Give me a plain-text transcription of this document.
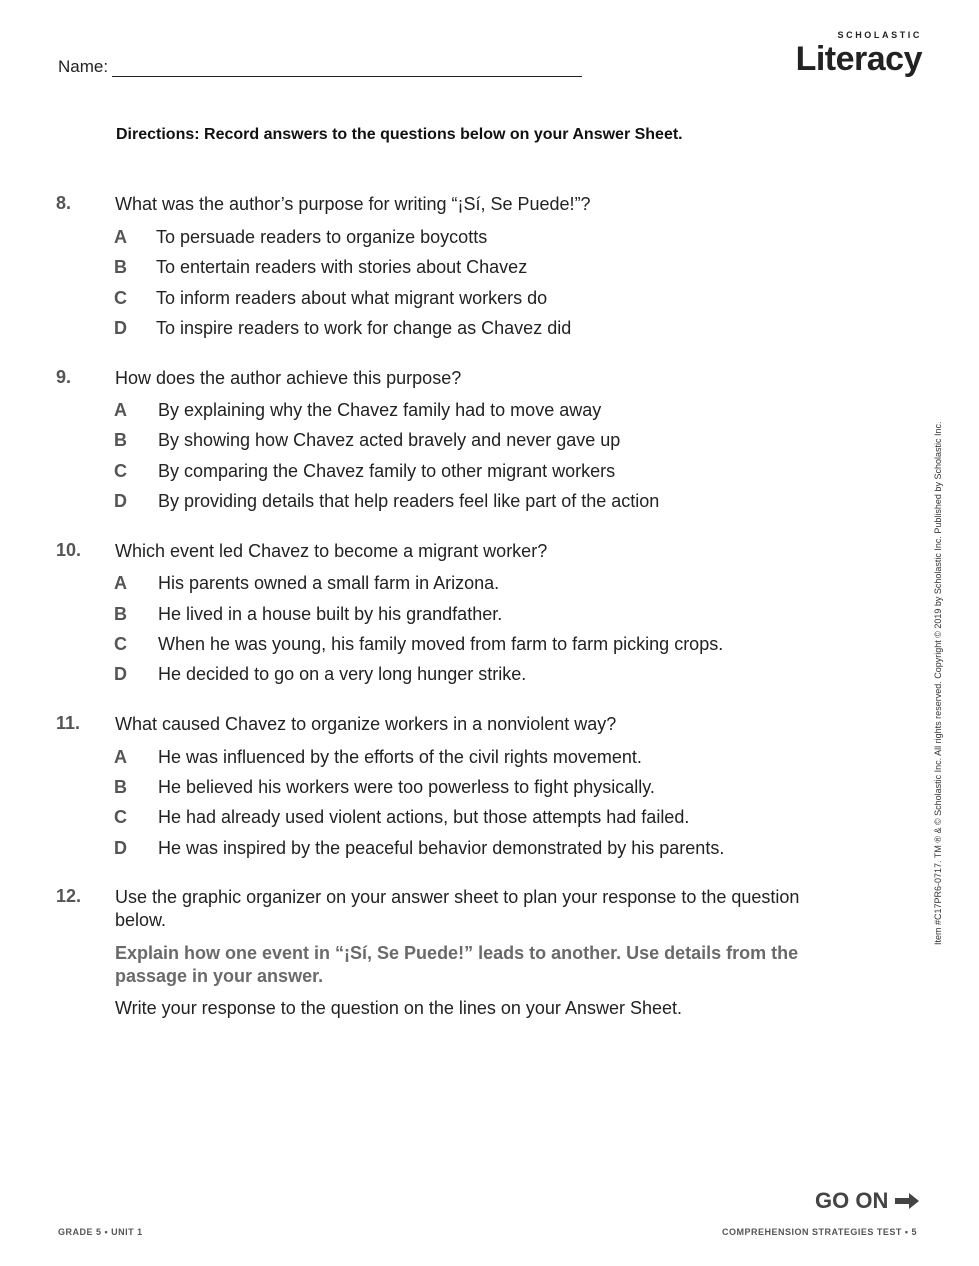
Name:
SCHOLASTIC
Literacy
Directions: Record answers to the questions below on your Answer Sheet.
8. What was the author’s purpose for writing “¡Sí, Se Puede!”?
A To persuade readers to organize boycotts
B To entertain readers with stories about Chavez
C To inform readers about what migrant workers do
D To inspire readers to work for change as Chavez did
9. How does the author achieve this purpose?
A By explaining why the Chavez family had to move away
B By showing how Chavez acted bravely and never gave up
C By comparing the Chavez family to other migrant workers
D By providing details that help readers feel like part of the action
10. Which event led Chavez to become a migrant worker?
A His parents owned a small farm in Arizona.
B He lived in a house built by his grandfather.
C When he was young, his family moved from farm to farm picking crops.
D He decided to go on a very long hunger strike.
11. What caused Chavez to organize workers in a nonviolent way?
A He was influenced by the efforts of the civil rights movement.
B He believed his workers were too powerless to fight physically.
C He had already used violent actions, but those attempts had failed.
D He was inspired by the peaceful behavior demonstrated by his parents.
12. Use the graphic organizer on your answer sheet to plan your response to the question below.
Explain how one event in “¡Sí, Se Puede!” leads to another. Use details from the passage in your answer.
Write your response to the question on the lines on your Answer Sheet.
Item #C17PR6-0717. TM ® & © Scholastic Inc. All rights reserved. Copyright © 2019 by Scholastic Inc. Published by Scholastic Inc.
GO ON
GRADE 5 • UNIT 1	COMPREHENSION STRATEGIES TEST • 5
